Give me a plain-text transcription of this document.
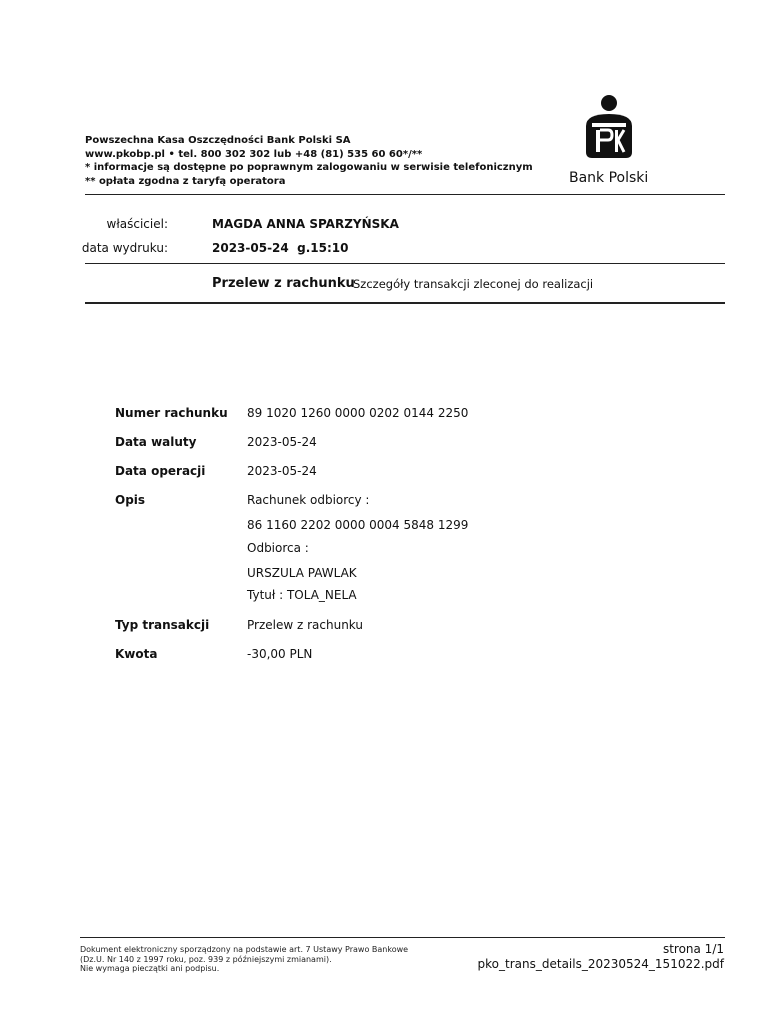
Powszechna Kasa Oszczędności Bank Polski SA
www.pkobp.pl • tel. 800 302 302 lub +48 (81) 535 60 60*/**
* informacje są dostępne po poprawnym zalogowaniu w serwisie telefonicznym
** opłata zgodna z taryfą operatora	Bank Polski
właściciel:	MAGDA ANNA SPARZYŃSKA
data wydruku:	2023-05-24  g.15:10
Przelew z rachunku
Szczegóły transakcji zleconej do realizacji
Numer rachunku 89 1020 1260 0000 0202 0144 2250
Data waluty	2023-05-24
Data operacji	2023-05-24
Opis	Rachunek odbiorcy :
86 1160 2202 0000 0004 5848 1299
Odbiorca :
URSZULA PAWLAK
Tytuł : TOLA_NELA
Typ transakcji	Przelew z rachunku
Kwota	-30,00 PLN
Dokument elektroniczny sporządzony na podstawie art. 7 Ustawy Prawo Bankowe
(Dz.U. Nr 140 z 1997 roku, poz. 939 z późniejszymi zmianami).
Nie wymaga pieczątki ani podpisu.
strona 1/1
pko_trans_details_20230524_151022.pdf
